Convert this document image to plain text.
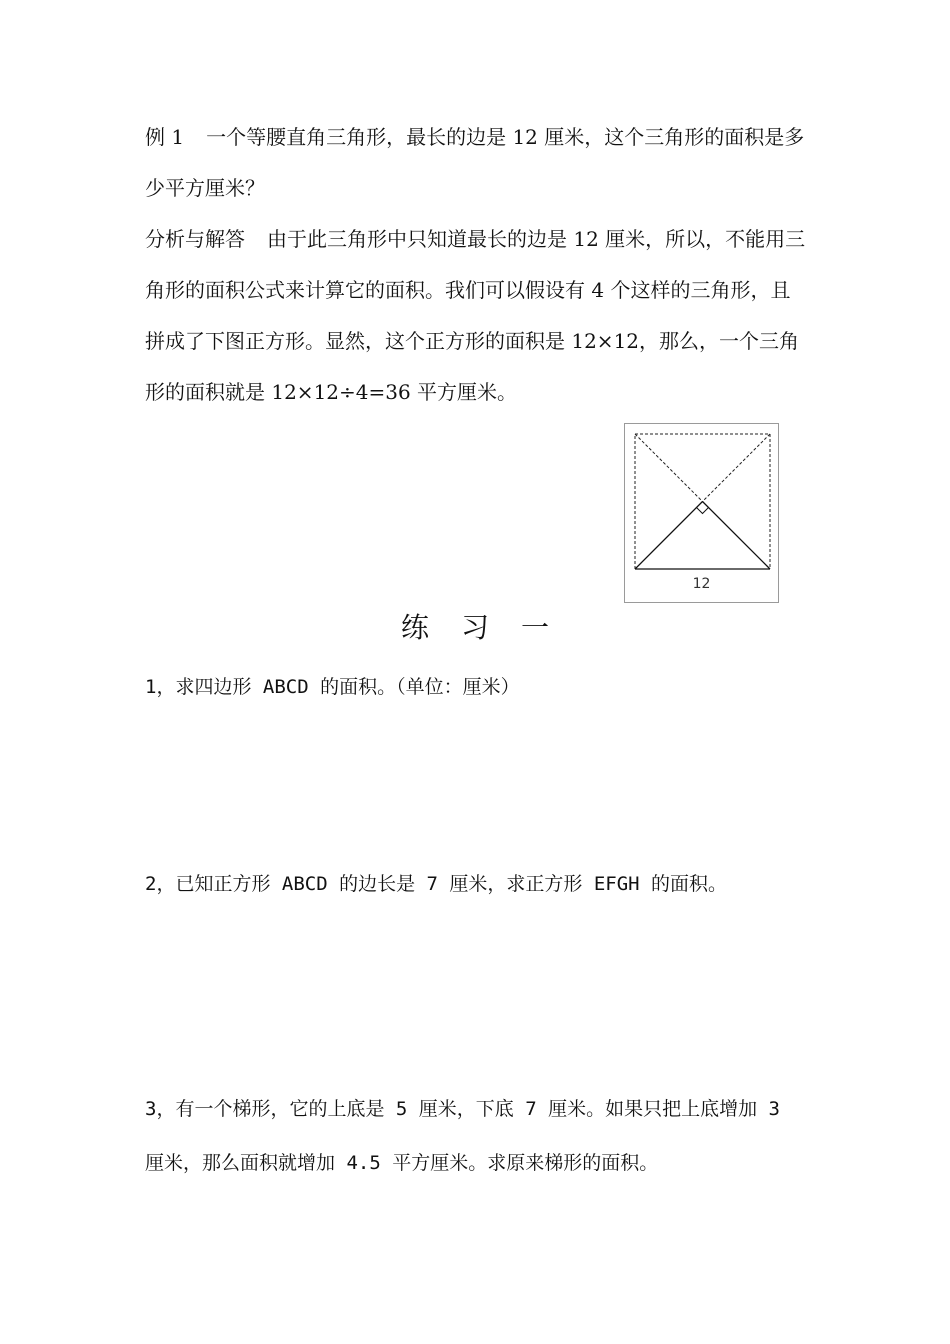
例 1 一个等腰直角三角形，最长的边是 12 厘米，这个三角形的面积是多少平方厘米？

分析与解答 由于此三角形中只知道最长的边是 12 厘米，所以，不能用三角形的面积公式来计算它的面积。我们可以假设有 4 个这样的三角形，且拼成了下图正方形。显然，这个正方形的面积是 12×12，那么，一个三角形的面积就是 12×12÷4=36 平方厘米。

12
练习一

1，求四边形 ABCD 的面积。（单位：厘米）

2，已知正方形 ABCD 的边长是 7 厘米，求正方形 EFGH 的面积。

3，有一个梯形，它的上底是 5 厘米，下底 7 厘米。如果只把上底增加 3 厘米，那么面积就增加 4.5 平方厘米。求原来梯形的面积。
